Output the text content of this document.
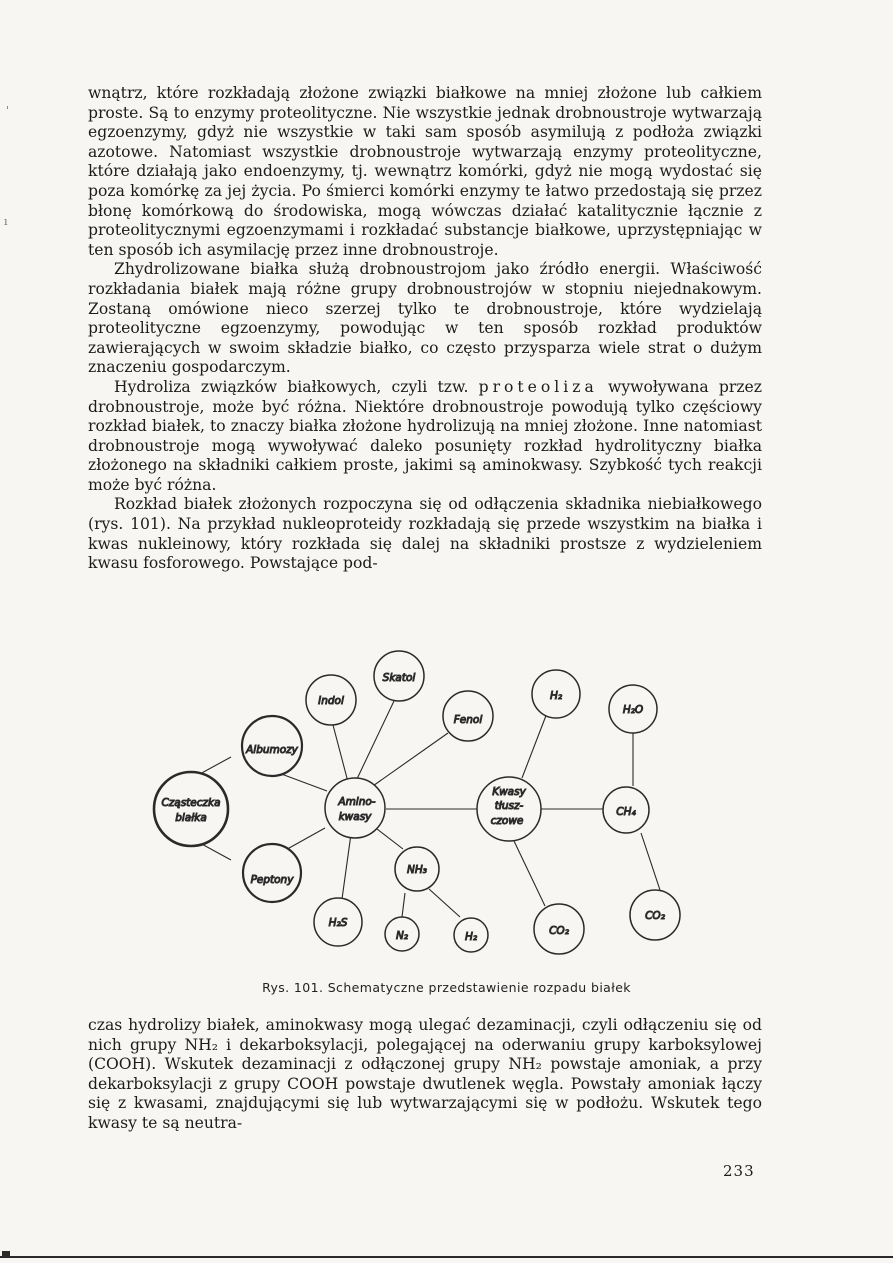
'
ı

wnątrz, które rozkładają złożone związki białkowe na mniej złożone lub całkiem proste. Są to enzymy proteolityczne. Nie wszystkie jednak drobnoustroje wytwarzają egzoenzymy, gdyż nie wszystkie w taki sam sposób asymilują z podłoża związki azotowe. Natomiast wszystkie drobnoustroje wytwarzają enzymy proteolityczne, które działają jako endoenzymy, tj. wewnątrz komórki, gdyż nie mogą wydostać się poza komórkę za jej życia. Po śmierci komórki enzymy te łatwo przedostają się przez błonę komórkową do środowiska, mogą wówczas działać katalitycznie łącznie z proteolitycznymi egzoenzymami i rozkładać substancje białkowe, uprzystępniając w ten sposób ich asymilację przez inne drobnoustroje.

Zhydrolizowane białka służą drobnoustrojom jako źródło energii. Właściwość rozkładania białek mają różne grupy drobnoustrojów w stopniu niejednakowym. Zostaną omówione nieco szerzej tylko te drobnoustroje, które wydzielają proteolityczne egzoenzymy, powodując w ten sposób rozkład produktów zawierających w swoim składzie białko, co często przysparza wiele strat o dużym znaczeniu gospodarczym.

Hydroliza związków białkowych, czyli tzw. proteoliza wywoływana przez drobnoustroje, może być różna. Niektóre drobnoustroje powodują tylko częściowy rozkład białek, to znaczy białka złożone hydrolizują na mniej złożone. Inne natomiast drobnoustroje mogą wywoływać daleko posunięty rozkład hydrolityczny białka złożonego na składniki całkiem proste, jakimi są aminokwasy. Szybkość tych reakcji może być różna.

Rozkład białek złożonych rozpoczyna się od odłączenia składnika niebiałkowego (rys. 101). Na przykład nukleoproteidy rozkładają się przede wszystkim na białka i kwas nukleinowy, który rozkłada się dalej na składniki prostsze z wydzieleniem kwasu fosforowego. Powstające pod-

Cząsteczka
białka
Albumozy
Peptony
Indol
Skatol
Fenol
Amino-
kwasy
NH₃
H₂S
N₂	H₂
Kwasy
tłusz-
czowe
H₂
CO₂
H₂O
CH₄
CO₂
Rys. 101. Schematyczne przedstawienie rozpadu białek

czas hydrolizy białek, aminokwasy mogą ulegać dezaminacji, czyli odłączeniu się od nich grupy NH₂ i dekarboksylacji, polegającej na oderwaniu grupy karboksylowej (COOH). Wskutek dezaminacji z odłączonej grupy NH₂ powstaje amoniak, a przy dekarboksylacji z grupy COOH powstaje dwutlenek węgla. Powstały amoniak łączy się z kwasami, znajdującymi się lub wytwarzającymi się w podłożu. Wskutek tego kwasy te są neutra-

233
